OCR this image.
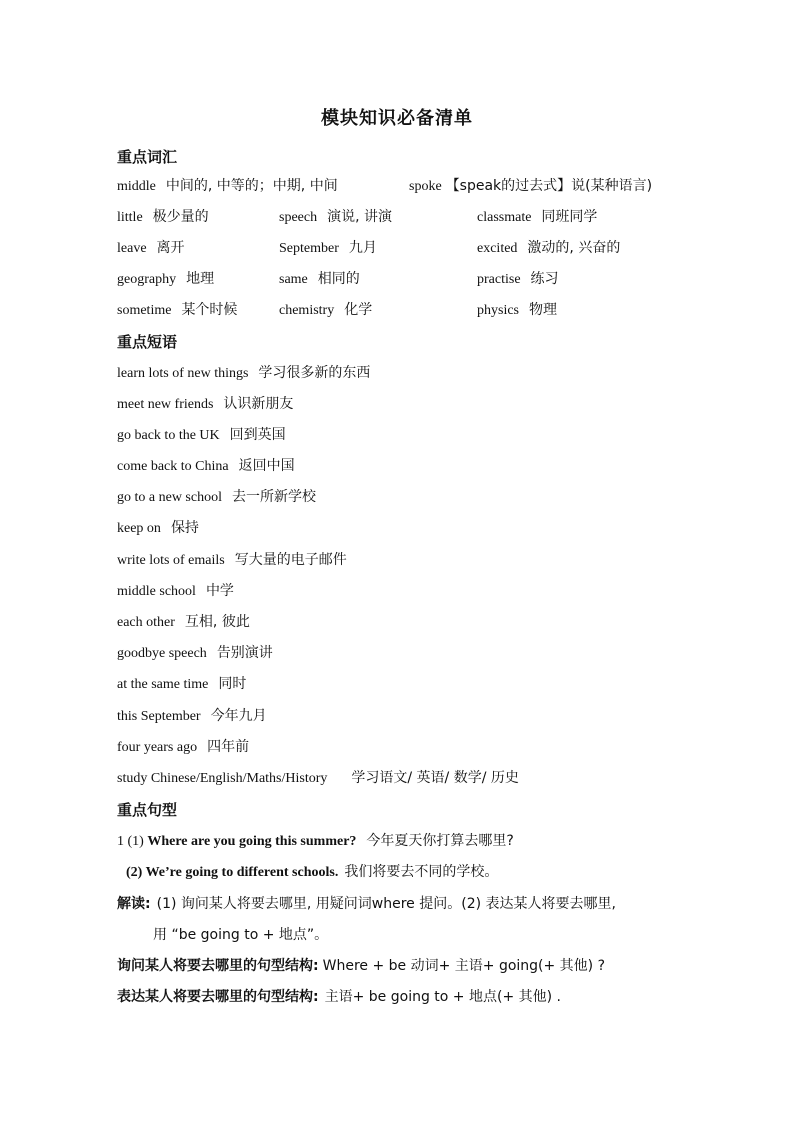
模块知识必备清单
重点词汇
middle 中间的, 中等的；中期, 中间	spoke 【speak的过去式】说(某种语言)
little 极少量的	speech 演说, 讲演	classmate 同班同学
leave 离开	September 九月	excited 激动的, 兴奋的
geography 地理	same 相同的	practise 练习
sometime 某个时候	chemistry 化学	physics 物理
重点短语
learn lots of new things 学习很多新的东西
meet new friends 认识新朋友
go back to the UK 回到英国
come back to China 返回中国
go to a new school 去一所新学校
keep on 保持
write lots of emails 写大量的电子邮件
middle school 中学
each other 互相, 彼此
goodbye speech 告别演讲
at the same time 同时
this September 今年九月
four years ago 四年前
study Chinese/English/Maths/History 学习语文/ 英语/ 数学/ 历史
重点句型
1 (1) Where are you going this summer? 今年夏天你打算去哪里?
(2) We’re going to different schools. 我们将要去不同的学校。
解读: (1) 询问某人将要去哪里, 用疑问词where 提问。(2) 表达某人将要去哪里,
用 “be going to + 地点”。
询问某人将要去哪里的句型结构: Where + be 动词+ 主语+ going(+ 其他) ?
表达某人将要去哪里的句型结构: 主语+ be going to + 地点(+ 其他) .
